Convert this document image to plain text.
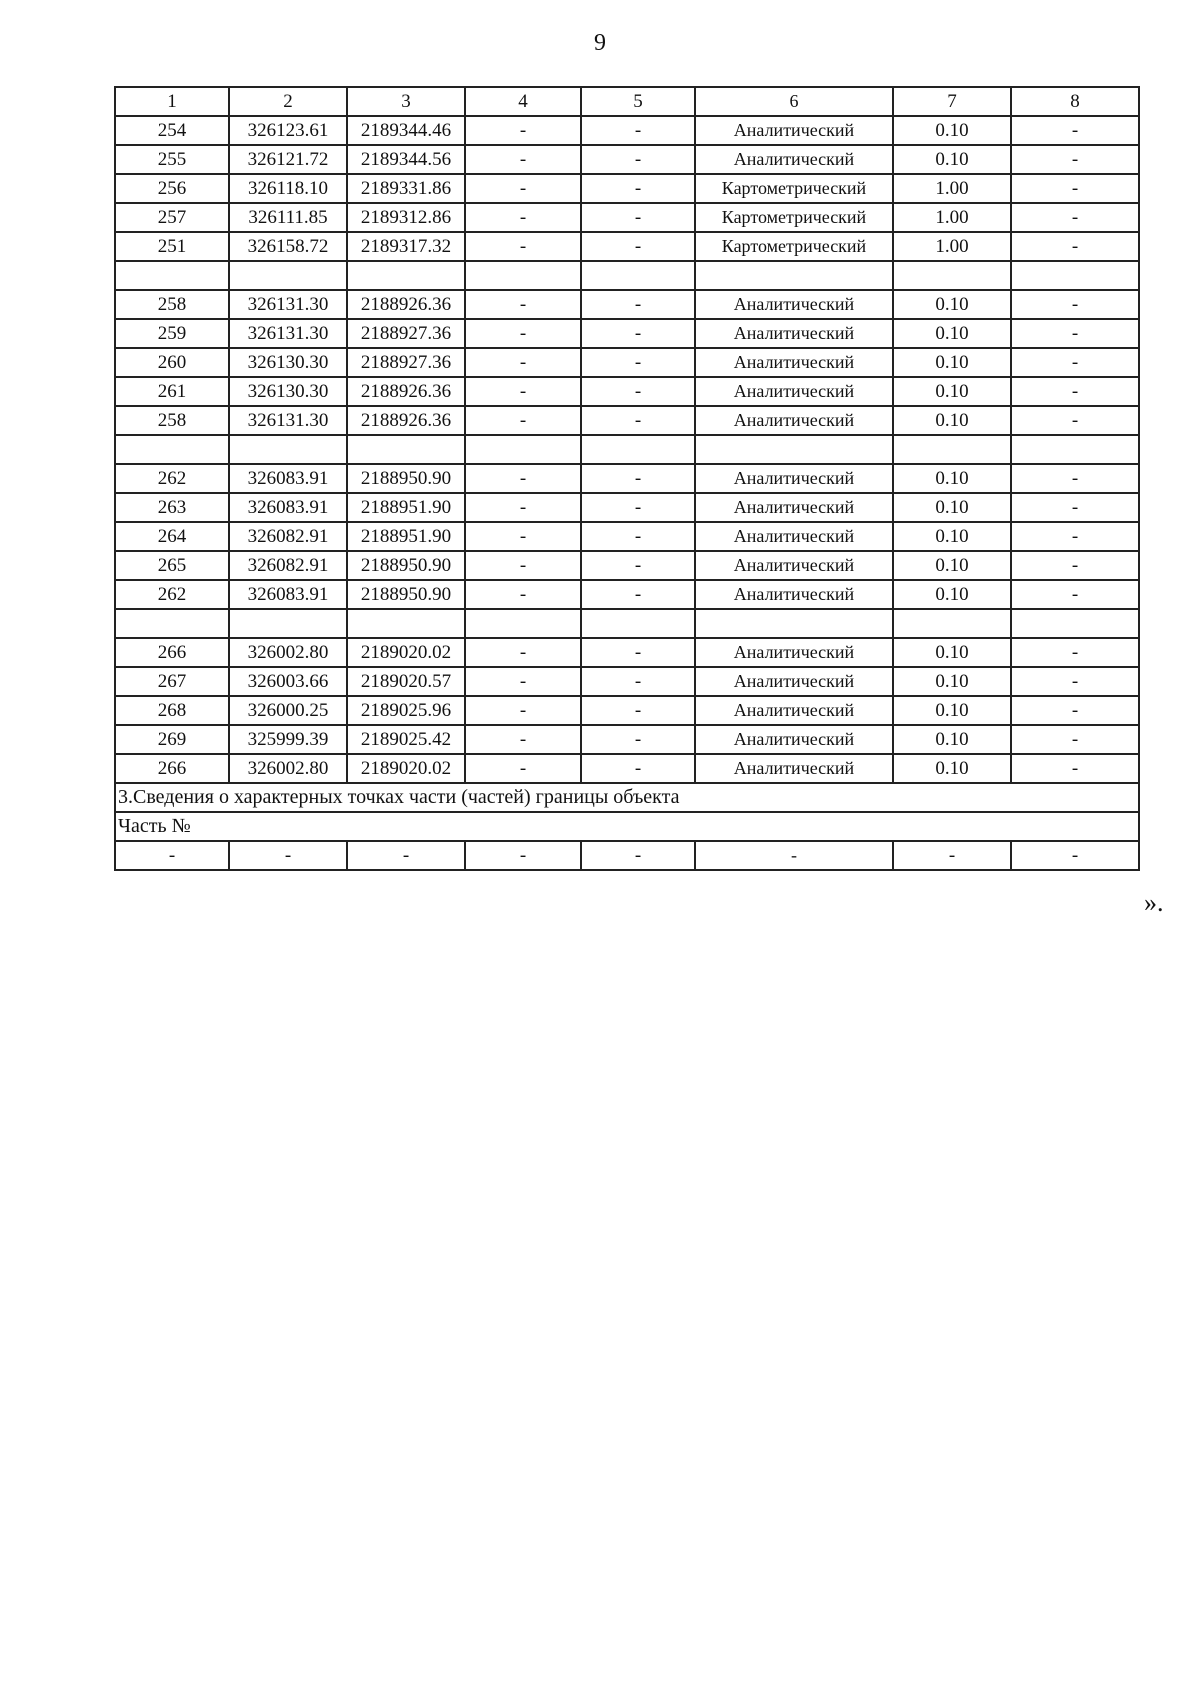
9
1	2	3	4	5	6	7	8
254	326123.61	2189344.46	-	-	Аналитический	0.10	-
255	326121.72	2189344.56	-	-	Аналитический	0.10	-
256	326118.10	2189331.86	-	-	Картометрический	1.00	-
257	326111.85	2189312.86	-	-	Картометрический	1.00	-
251	326158.72	2189317.32	-	-	Картометрический	1.00	-

258	326131.30	2188926.36	-	-	Аналитический	0.10	-
259	326131.30	2188927.36	-	-	Аналитический	0.10	-
260	326130.30	2188927.36	-	-	Аналитический	0.10	-
261	326130.30	2188926.36	-	-	Аналитический	0.10	-
258	326131.30	2188926.36	-	-	Аналитический	0.10	-

262	326083.91	2188950.90	-	-	Аналитический	0.10	-
263	326083.91	2188951.90	-	-	Аналитический	0.10	-
264	326082.91	2188951.90	-	-	Аналитический	0.10	-
265	326082.91	2188950.90	-	-	Аналитический	0.10	-
262	326083.91	2188950.90	-	-	Аналитический	0.10	-

266	326002.80	2189020.02	-	-	Аналитический	0.10	-
267	326003.66	2189020.57	-	-	Аналитический	0.10	-
268	326000.25	2189025.96	-	-	Аналитический	0.10	-
269	325999.39	2189025.42	-	-	Аналитический	0.10	-
266	326002.80	2189020.02	-	-	Аналитический	0.10	-
3.Сведения о характерных точках части (частей) границы объекта							
Часть №							
-	-	-	-	-	-	-	-
».
